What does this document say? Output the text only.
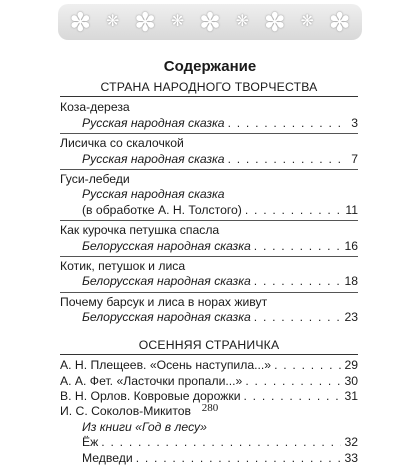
✽ ❋ ✽ ❋ ✽ ❋ ✽ ❋ ✽
Содержание
СТРАНА НАРОДНОГО ТВОРЧЕСТВА
Коза-дереза
Русская народная сказка . . .	3
Лисичка со скалочкой
Русская народная сказка . . .	7
Гуси-лебеди
Русская народная сказка
(в обработке А. Н. Толстого) . . .	11
Как курочка петушка спасла
Белорусская народная сказка . . .	16
Котик, петушок и лиса
Белорусская народная сказка . . .	18
Почему барсук и лиса в норах живут
Белорусская народная сказка . . .	23
ОСЕННЯЯ СТРАНИЧКА
А. Н. Плещеев. «Осень наступила...» . . .	29
А. А. Фет. «Ласточки пропали...» . . .	30
В. Н. Орлов. Ковровые дорожки . . .	31
И. С. Соколов-Микитов
Из книги «Год в лесу»
Ёж . . .	32
Медведи . . .	33
280
